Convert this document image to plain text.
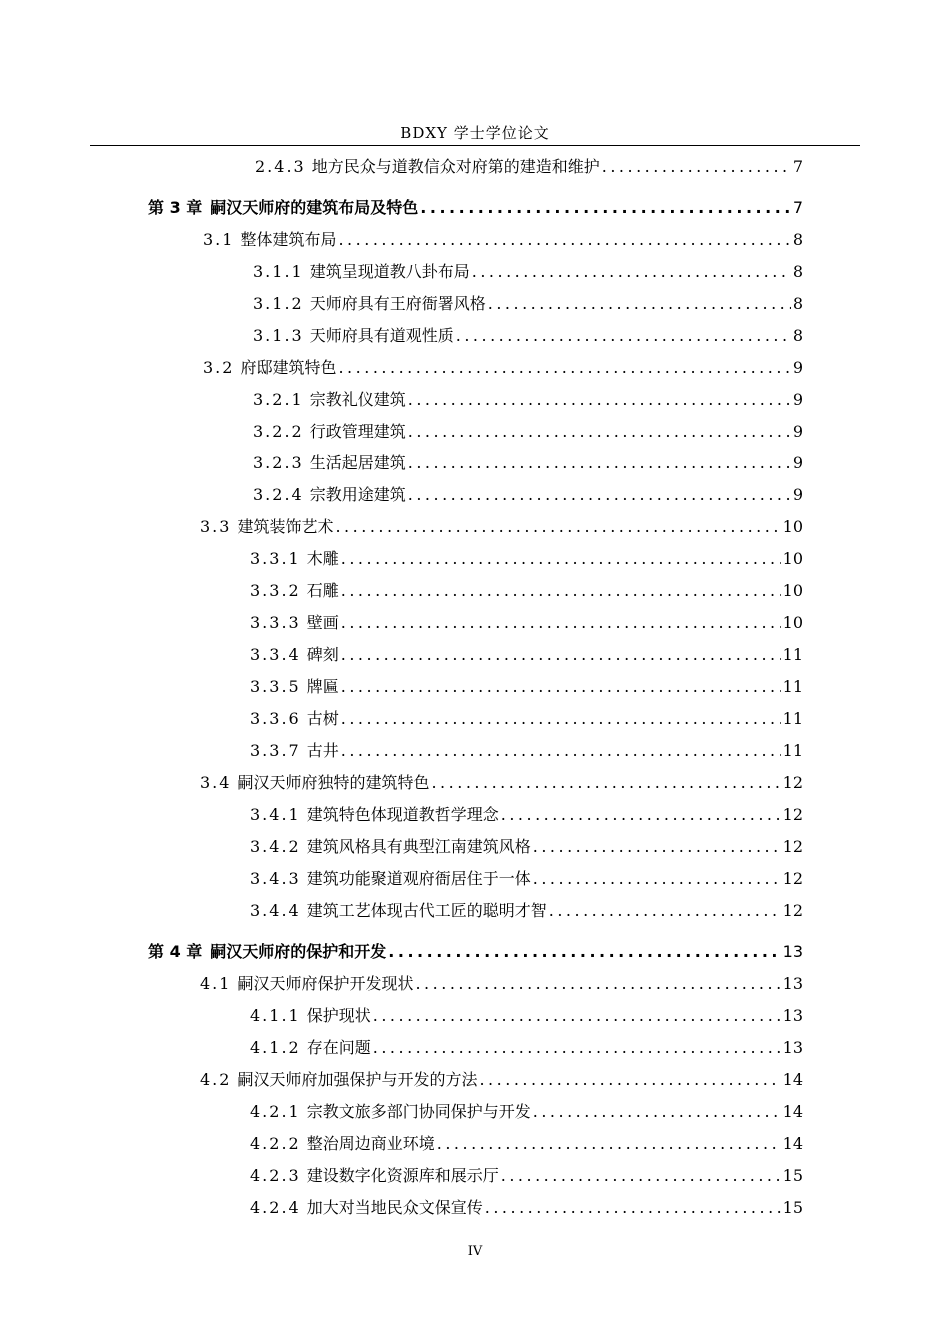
BDXY 学士学位论文
2.4.3 地方民众与道教信众对府第的建造和维护 .....	7
第 3 章 嗣汉天师府的建筑布局及特色 .....	7
3.1 整体建筑布局 .....	8
3.1.1 建筑呈现道教八卦布局 .....	8
3.1.2 天师府具有王府衙署风格 .....	8
3.1.3 天师府具有道观性质 .....	8
3.2 府邸建筑特色 .....	9
3.2.1 宗教礼仪建筑 .....	9
3.2.2 行政管理建筑 .....	9
3.2.3 生活起居建筑 .....	9
3.2.4 宗教用途建筑 .....	9
3.3 建筑装饰艺术 .....	10
3.3.1 木雕 .....	10
3.3.2 石雕 .....	10
3.3.3 壁画 .....	10
3.3.4 碑刻 .....	11
3.3.5 牌匾 .....	11
3.3.6 古树 .....	11
3.3.7 古井 .....	11
3.4 嗣汉天师府独特的建筑特色 .....	12
3.4.1 建筑特色体现道教哲学理念 .....	12
3.4.2 建筑风格具有典型江南建筑风格 .....	12
3.4.3 建筑功能聚道观府衙居住于一体 .....	12
3.4.4 建筑工艺体现古代工匠的聪明才智 .....	12
第 4 章 嗣汉天师府的保护和开发 .....	13
4.1 嗣汉天师府保护开发现状 .....	13
4.1.1 保护现状 .....	13
4.1.2 存在问题 .....	13
4.2 嗣汉天师府加强保护与开发的方法 .....	14
4.2.1 宗教文旅多部门协同保护与开发 .....	14
4.2.2 整治周边商业环境 .....	14
4.2.3 建设数字化资源库和展示厅 .....	15
4.2.4 加大对当地民众文保宣传 .....	15
IV
